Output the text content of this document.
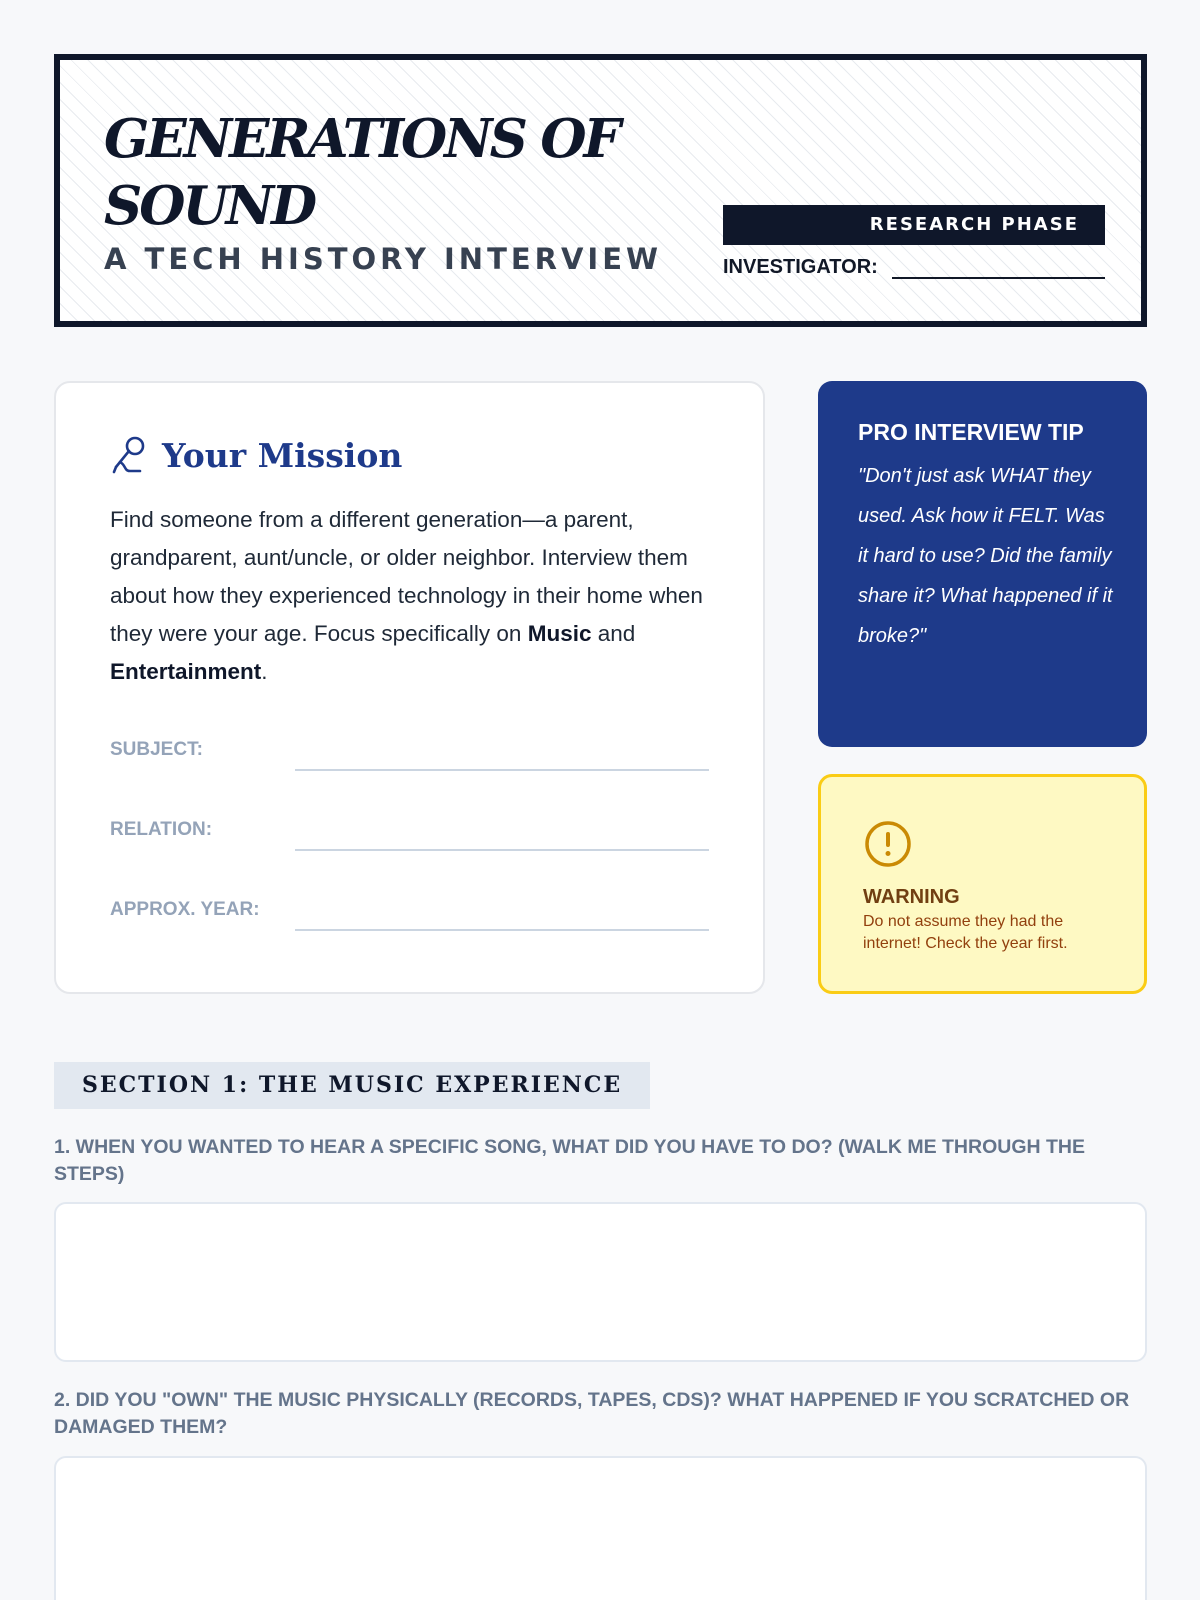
GENERATIONS OF
SOUND
A TECH HISTORY INTERVIEW
RESEARCH PHASE
INVESTIGATOR:
Your Mission

Find someone from a different generation—a parent, grandparent, aunt/uncle, or older neighbor. Interview them about how they experienced technology in their home when they were your age. Focus specifically on Music and Entertainment.

SUBJECT:
RELATION:
APPROX. YEAR:
PRO INTERVIEW TIP

"Don't just ask WHAT they used. Ask how it FELT. Was it hard to use? Did the family share it? What happened if it broke?"

WARNING

Do not assume they had the internet! Check the year first.

SECTION 1: THE MUSIC EXPERIENCE
1. WHEN YOU WANTED TO HEAR A SPECIFIC SONG, WHAT DID YOU HAVE TO DO? (WALK ME THROUGH THE STEPS)
2. DID YOU "OWN" THE MUSIC PHYSICALLY (RECORDS, TAPES, CDS)? WHAT HAPPENED IF YOU SCRATCHED OR DAMAGED THEM?
